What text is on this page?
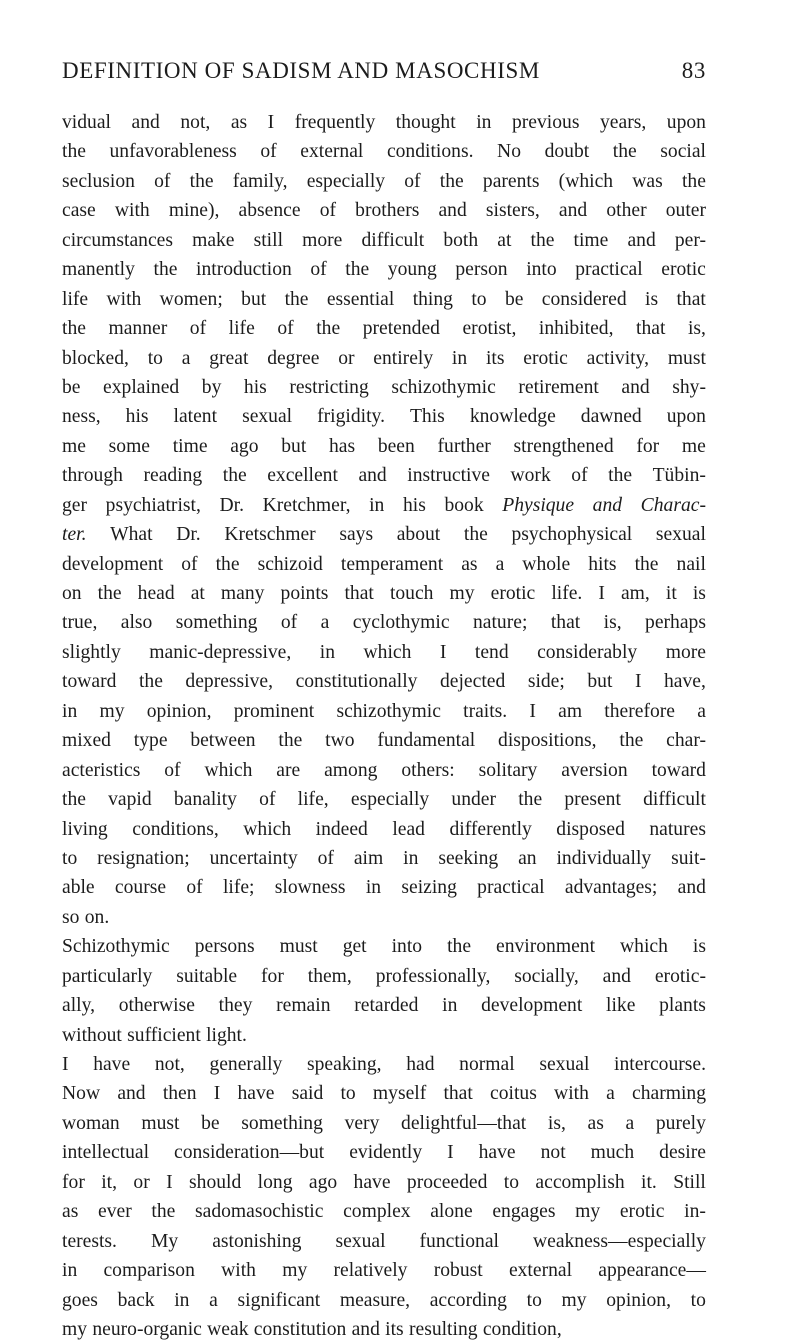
DEFINITION OF SADISM AND MASOCHISM	83
vidual and not, as I frequently thought in previous years, upon
the unfavorableness of external conditions. No doubt the social
seclusion of the family, especially of the parents (which was the
case with mine), absence of brothers and sisters, and other outer
circumstances make still more difficult both at the time and per-
manently the introduction of the young person into practical erotic
life with women; but the essential thing to be considered is that
the manner of life of the pretended erotist, inhibited, that is,
blocked, to a great degree or entirely in its erotic activity, must
be explained by his restricting schizothymic retirement and shy-
ness, his latent sexual frigidity. This knowledge dawned upon
me some time ago but has been further strengthened for me
through reading the excellent and instructive work of the Tübin-
ger psychiatrist, Dr. Kretchmer, in his book Physique and Charac-
ter. What Dr. Kretschmer says about the psychophysical sexual
development of the schizoid temperament as a whole hits the nail
on the head at many points that touch my erotic life. I am, it is
true, also something of a cyclothymic nature; that is, perhaps
slightly manic-depressive, in which I tend considerably more
toward the depressive, constitutionally dejected side; but I have,
in my opinion, prominent schizothymic traits. I am therefore a
mixed type between the two fundamental dispositions, the char-
acteristics of which are among others: solitary aversion toward
the vapid banality of life, especially under the present difficult
living conditions, which indeed lead differently disposed natures
to resignation; uncertainty of aim in seeking an individually suit-
able course of life; slowness in seizing practical advantages; and
so on.
Schizothymic persons must get into the environment which is
particularly suitable for them, professionally, socially, and erotic-
ally, otherwise they remain retarded in development like plants
without sufficient light.
I have not, generally speaking, had normal sexual intercourse.
Now and then I have said to myself that coitus with a charming
woman must be something very delightful—that is, as a purely
intellectual consideration—but evidently I have not much desire
for it, or I should long ago have proceeded to accomplish it. Still
as ever the sadomasochistic complex alone engages my erotic in-
terests. My astonishing sexual functional weakness—especially
in comparison with my relatively robust external appearance—
goes back in a significant measure, according to my opinion, to
my neuro-organic weak constitution and its resulting condition,
